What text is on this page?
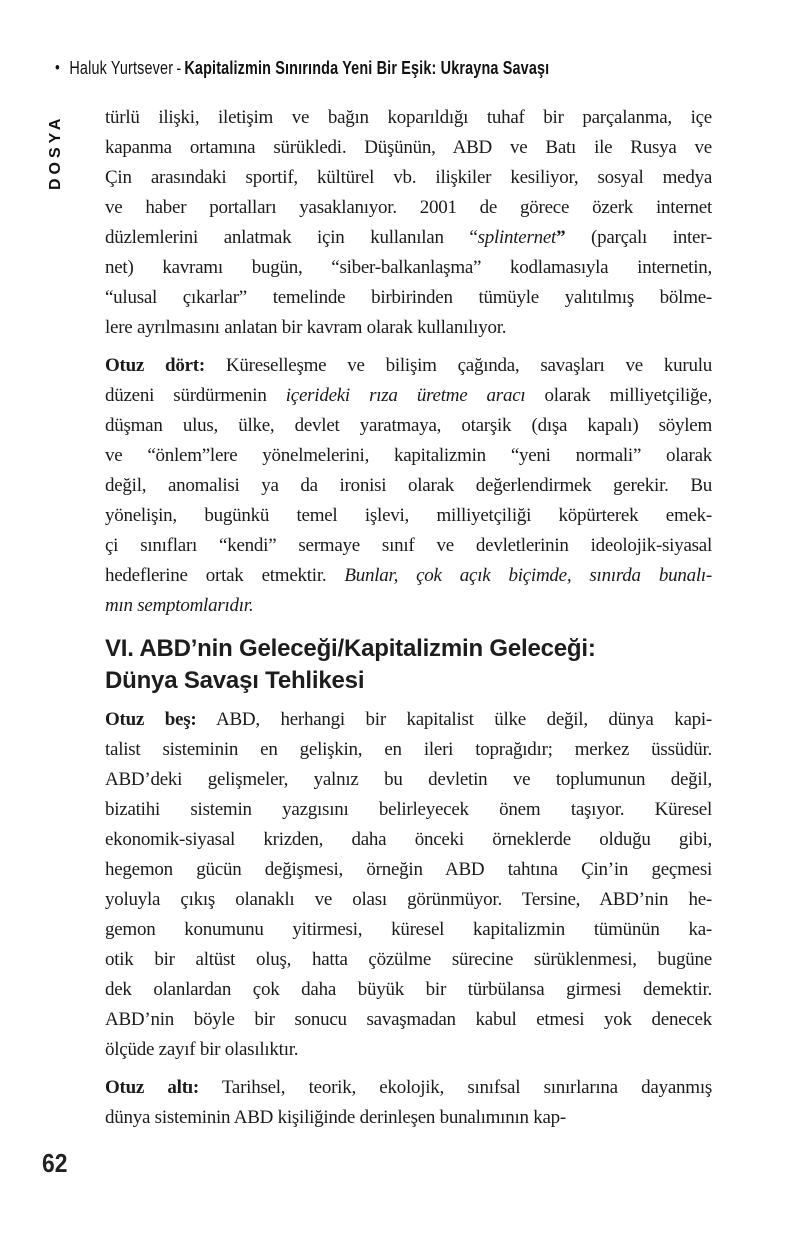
• Haluk Yurtsever - Kapitalizmin Sınırında Yeni Bir Eşik: Ukrayna Savaşı
DOSYA türlü ilişki, iletişim ve bağın koparıldığı tuhaf bir parçalanma, içe
kapanma ortamına sürükledi. Düşünün, ABD ve Batı ile Rusya ve
Çin arasındaki sportif, kültürel vb. ilişkiler kesiliyor, sosyal medya
ve haber portalları yasaklanıyor. 2001 de görece özerk internet
düzlemlerini anlatmak için kullanılan “splinternet” (parçalı inter-
net) kavramı bugün, “siber-balkanlaşma” kodlamasıyla internetin,
“ulusal çıkarlar” temelinde birbirinden tümüyle yalıtılmış bölme-
lere ayrılmasını anlatan bir kavram olarak kullanılıyor.
Otuz dört: Küreselleşme ve bilişim çağında, savaşları ve kurulu
düzeni sürdürmenin içerideki rıza üretme aracı olarak milliyetçiliğe,
düşman ulus, ülke, devlet yaratmaya, otarşik (dışa kapalı) söylem
ve “önlem”lere yönelmelerini, kapitalizmin “yeni normali” olarak
değil, anomalisi ya da ironisi olarak değerlendirmek gerekir. Bu
yönelişin, bugünkü temel işlevi, milliyetçiliği köpürterek emek-
çi sınıfları “kendi” sermaye sınıf ve devletlerinin ideolojik-siyasal
hedeflerine ortak etmektir. Bunlar, çok açık biçimde, sınırda bunalı-
mın semptomlarıdır.
VI. ABD’nin Geleceği/Kapitalizmin Geleceği:
Dünya Savaşı Tehlikesi
Otuz beş: ABD, herhangi bir kapitalist ülke değil, dünya kapi-
talist sisteminin en gelişkin, en ileri toprağıdır; merkez üssüdür.
ABD’deki gelişmeler, yalnız bu devletin ve toplumunun değil,
bizatihi sistemin yazgısını belirleyecek önem taşıyor. Küresel
ekonomik-siyasal krizden, daha önceki örneklerde olduğu gibi,
hegemon gücün değişmesi, örneğin ABD tahtına Çin’in geçmesi
yoluyla çıkış olanaklı ve olası görünmüyor. Tersine, ABD’nin he-
gemon konumunu yitirmesi, küresel kapitalizmin tümünün ka-
otik bir altüst oluş, hatta çözülme sürecine sürüklenmesi, bugüne
dek olanlardan çok daha büyük bir türbülansa girmesi demektir.
ABD’nin böyle bir sonucu savaşmadan kabul etmesi yok denecek
ölçüde zayıf bir olasılıktır.
Otuz altı: Tarihsel, teorik, ekolojik, sınıfsal sınırlarına dayanmış
dünya sisteminin ABD kişiliğinde derinleşen bunalımının kap-
62
